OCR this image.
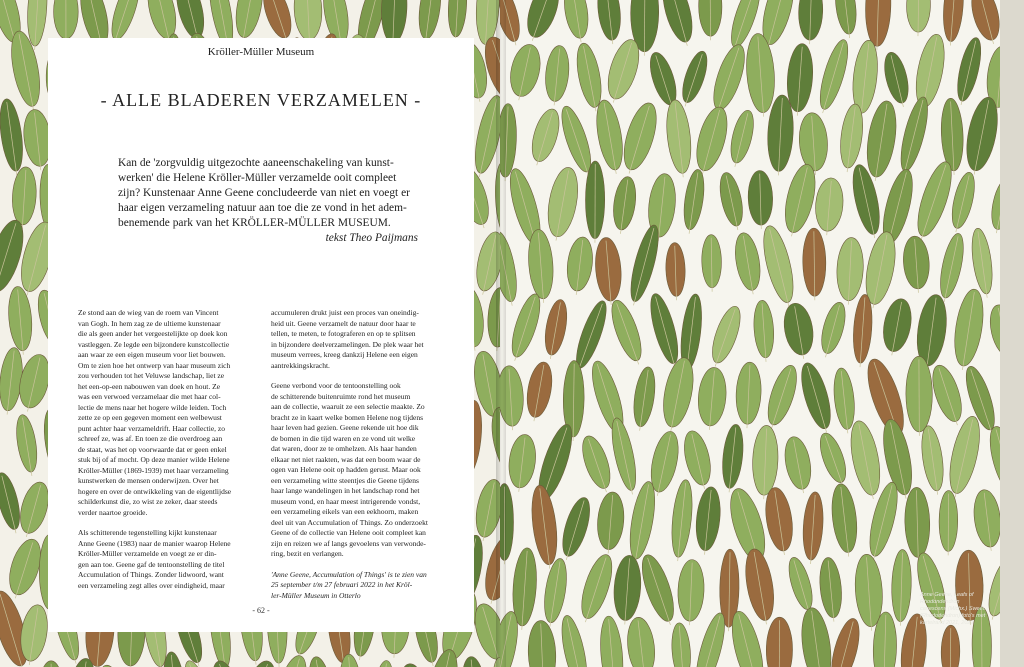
Kröller-Müller Museum
- ALLE BLADEREN VERZAMELEN -
Kan de 'zorgvuldig uitgezochte aaneenschakeling van kunst-
werken' die Helene Kröller-Müller verzamelde ooit compleet
zijn? Kunstenaar Anne Geene concludeerde van niet en voegt er
haar eigen verzameling natuur aan toe die ze vond in het adem-
benemende park van het KRÖLLER-MÜLLER MUSEUM.
tekst Theo Paijmans
Ze stond aan de wieg van de roem van Vincent
van Gogh. In hem zag ze de ultieme kunstenaar
die als geen ander het vergeestelijkte op doek kon
vastleggen. Ze legde een bijzondere kunstcollectie
aan waar ze een eigen museum voor liet bouwen.
Om te zien hoe het ontwerp van haar museum zich
zou verhouden tot het Veluwse landschap, liet ze
het een-op-een nabouwen van doek en hout. Ze
was een verwoed verzamelaar die met haar col-
lectie de mens naar het hogere wilde leiden. Toch
zette ze op een gegeven moment een welbewust
punt achter haar verzameldrift. Haar collectie, zo
schreef ze, was af. En toen ze die overdroeg aan
de staat, was het op voorwaarde dat er geen enkel
stuk bij of af mocht. Op deze manier wilde Helene
Kröller-Müller (1869-1939) met haar verzameling
kunstwerken de mensen onderwijzen. Over het
hogere en over de ontwikkeling van de eigentlijdse
schilderkunst die, zo wist ze zeker, daar steeds
verder naartoe groeide.
Als schitterende tegenstelling kijkt kunstenaar
Anne Geene (1983) naar de manier waarop Helene
Kröller-Müller verzamelde en voegt ze er din-
gen aan toe. Geene gaf de tentoonstelling de titel
Accumulation of Things. Zonder lidwoord, want
een verzameling zegt alles over eindigheid, maar
accumuleren drukt juist een proces van oneindig-
heid uit. Geene verzamelt de natuur door haar te
tellen, te meten, te fotograferen en op te splitsen
in bijzondere deelverzamelingen. De plek waar het
museum verrees, kreeg dankzij Helene een eigen
aantrekkingskracht.
Geene verbond voor de tentoonstelling ook
de schitterende buitenruimte rond het museum
aan de collectie, waaruit ze een selectie maakte. Zo
bracht ze in kaart welke bomen Helene nog tijdens
haar leven had gezien. Geene rekende uit hoe dik
de bomen in die tijd waren en ze vond uit welke
dat waren, door ze te omhelzen. Als haar handen
elkaar net niet raakten, was dat een boom waar de
ogen van Helene ooit op hadden gerust. Maar ook
een verzameling witte steentjes die Geene tijdens
haar lange wandelingen in het landschap rond het
museum vond, en haar meest intrigerende vondst,
een verzameling eikels van een eekhoorn, maken
deel uit van Accumulation of Things. Zo onderzoekt
Geene of de collectie van Helene ooit compleet kan
zijn en reizen we af langs gevoelens van verwonde-
ring, bezit en verlangen.
'Anne Geene, Accumulation of Things' is te zien van
25 september t/m 27 februari 2022 in het Kröl-
ler-Müller Museum in Otterlo
- 62 -
Anne Geene, Leafs of Rhodondendron
canescens (Michx.) Sweet.
(Rhododendron) foto's met
kartelrand 2021, 2022
